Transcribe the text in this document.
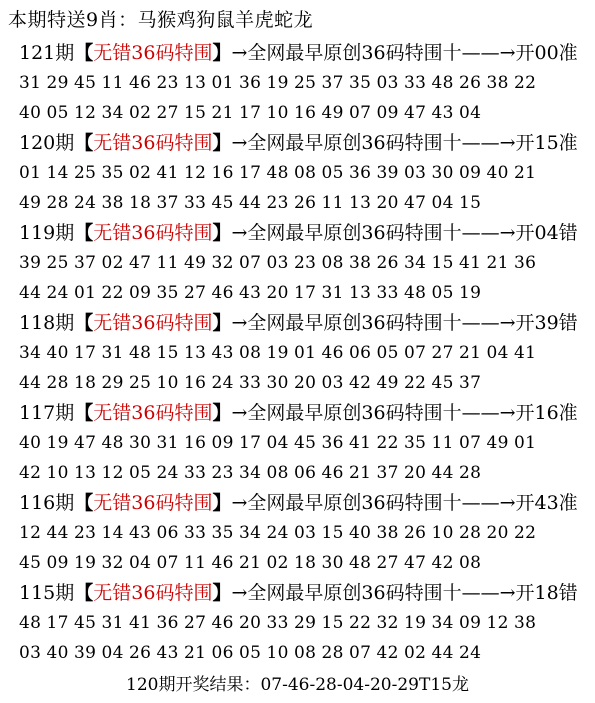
本期特送9肖：马猴鸡狗鼠羊虎蛇龙
121期【无错36码特围】→全网最早原创36码特围十——→开00准
31 29 45 11 46 23 13 01 36 19 25 37 35 03 33 48 26 38 22
40 05 12 34 02 27 15 21 17 10 16 49 07 09 47 43 04
120期【无错36码特围】→全网最早原创36码特围十——→开15准
01 14 25 35 02 41 12 16 17 48 08 05 36 39 03 30 09 40 21
49 28 24 38 18 37 33 45 44 23 26 11 13 20 47 04 15
119期【无错36码特围】→全网最早原创36码特围十——→开04错
39 25 37 02 47 11 49 32 07 03 23 08 38 26 34 15 41 21 36
44 24 01 22 09 35 27 46 43 20 17 31 13 33 48 05 19
118期【无错36码特围】→全网最早原创36码特围十——→开39错
34 40 17 31 48 15 13 43 08 19 01 46 06 05 07 27 21 04 41
44 28 18 29 25 10 16 24 33 30 20 03 42 49 22 45 37
117期【无错36码特围】→全网最早原创36码特围十——→开16准
40 19 47 48 30 31 16 09 17 04 45 36 41 22 35 11 07 49 01
42 10 13 12 05 24 33 23 34 08 06 46 21 37 20 44 28
116期【无错36码特围】→全网最早原创36码特围十——→开43准
12 44 23 14 43 06 33 35 34 24 03 15 40 38 26 10 28 20 22
45 09 19 32 04 07 11 46 21 02 18 30 48 27 47 42 08
115期【无错36码特围】→全网最早原创36码特围十——→开18错
48 17 45 31 41 36 27 46 20 33 29 15 22 32 19 34 09 12 38
03 40 39 04 26 43 21 06 05 10 08 28 07 42 02 44 24
120期开奖结果：07-46-28-04-20-29T15龙
